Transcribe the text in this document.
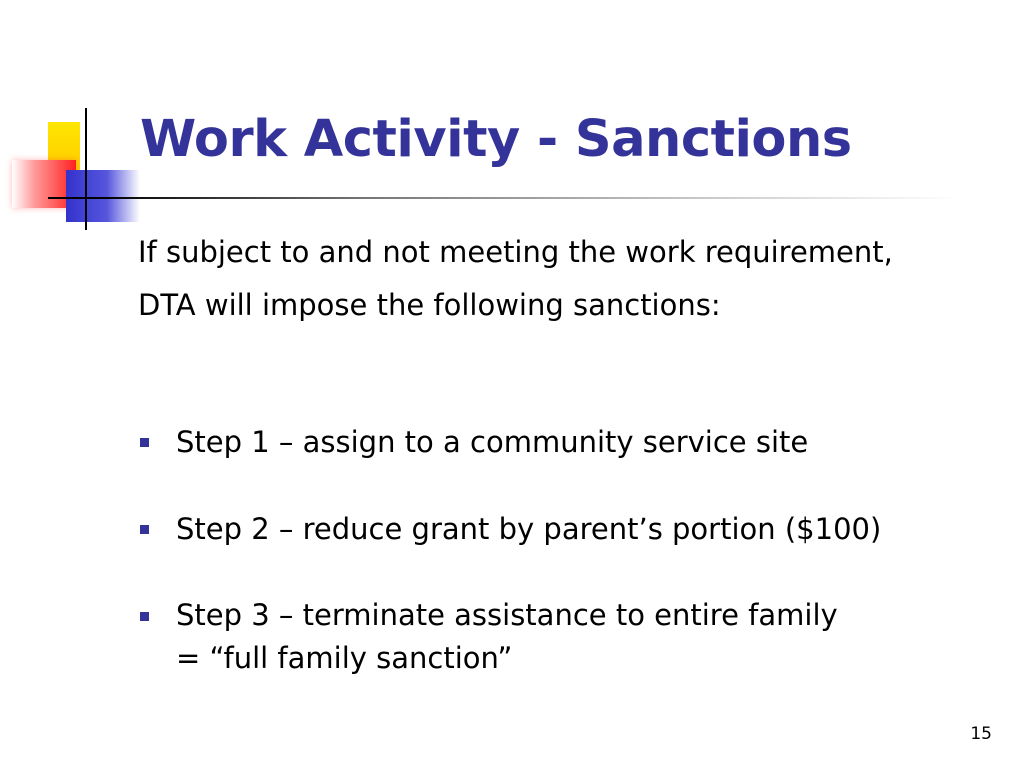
Work Activity - Sanctions

If subject to and not meeting the work requirement, DTA will impose the following sanctions:

Step 1 – assign to a community service site
Step 2 – reduce grant by parent’s portion ($100)
Step 3 – terminate assistance to entire family
= “full family sanction”
15
